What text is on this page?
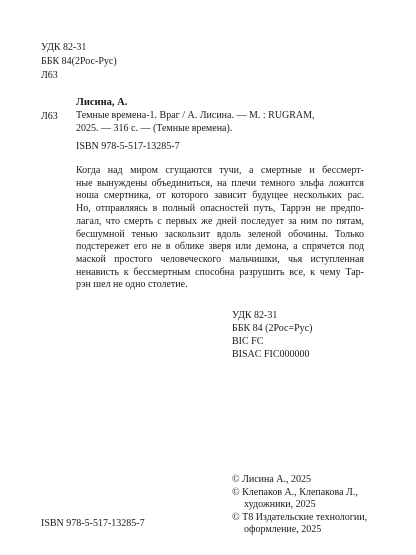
УДК 82-31
ББК 84(2Рос-Рус)
Л63
Л63
Лисина, А.
Темные времена-1. Враг / А. Лисина. — М. : RUGRAM,
2025. — 316 с. — (Темные времена).
ISBN 978-5-517-13285-7
Когда над миром сгущаются тучи, а смертные и бессмерт-
ные вынуждены объединиться, на плечи темного эльфа ложится
ноша смертника, от которого зависит будущее нескольких рас.
Но, отправляясь в полный опасностей путь, Таррэн не предпо-
лагал, что смерть с первых же дней последует за ним по пятам,
бесшумной тенью заскользит вдоль зеленой обочины. Только
подстережет его не в облике зверя или демона, а спрячется под
маской простого человеческого мальчишки, чья иступленная
ненависть к бессмертным способна разрушить все, к чему Тар-
рэн шел не одно столетие.
УДК 82-31
ББК 84 (2Рос=Рус)
BIC FC
BISAC FIC000000
ISBN 978-5-517-13285-7
© Лисина А., 2025
© Клепаков А., Клепакова Л.,
художники, 2025
© Т8 Издательские технологии,
оформление, 2025
